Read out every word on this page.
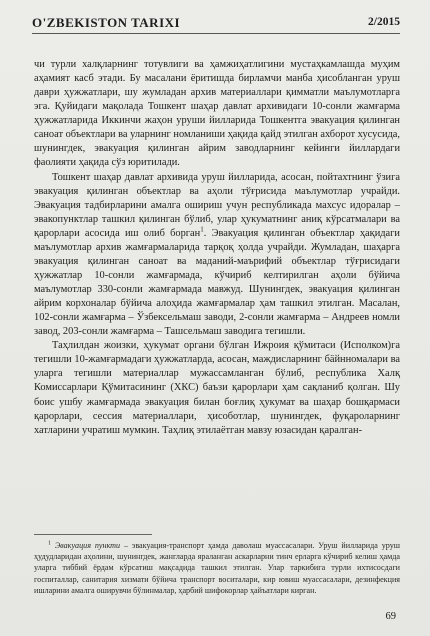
O'ZBEKISTON TARIXI	2/2015

чи турли халқларнинг тотувлиги ва ҳамжиҳатлигини мустаҳкамлашда муҳим аҳамият касб этади. Бу масалани ёритишда бирламчи манба ҳисобланган уруш даври ҳужжатлари, шу жумладан архив материаллари қимматли маълумотларга эга. Қуйидаги мақолада Тошкент шаҳар давлат архивидаги 10-сонли жамғарма ҳужжатларида Иккинчи жаҳон уруши йилларида Тошкентга эвакуация қилинган саноат объектлари ва уларнинг номланиши ҳақида қайд этилган ахборот хусусида, шунингдек, эвакуация қилинган айрим заводларнинг кейинги йиллардаги фаолияти ҳақида сўз юритилади.

Тошкент шаҳар давлат архивида уруш йилларида, асосан, пойтахтнинг ўзига эвакуация қилинган объектлар ва аҳоли тўғрисида маълумотлар учрайди. Эвакуация тадбирларини амалга ошириш учун республикада махсус идоралар – эвакопунктлар ташкил қилинган бўлиб, улар ҳукуматнинг аниқ кўрсатмалари ва қарорлари асосида иш олиб борган$^1$. Эвакуация қилинган объектлар ҳақидаги маълумотлар архив жамғармаларида тарқоқ ҳолда учрайди. Жумладан, шаҳарга эвакуация қилинган саноат ва маданий-маърифий объектлар тўғрисидаги ҳужжатлар 10-сонли жамғармада, кўчириб келтирилган аҳоли бўйича маълумотлар 330-сонли жамғармада мавжуд. Шунингдек, эвакуация қилинган айрим корхоналар бўйича алоҳида жамғармалар ҳам ташкил этилган. Масалан, 102-сонли жамғарма – Ўзбексельмаш заводи, 2-сонли жамғарма – Андреев номли завод, 203-сонли жамғарма – Ташсельмаш заводига тегишли.

Таҳлилдан жоизки, ҳукумат органи бўлган Ижроия қўмитаси (Исполком)га тегишли 10-жамғармадаги ҳужжатларда, асосан, маждисларнинг бäйнномалари ва уларга тегишли материаллар мужассамланган бўлиб, республика Халқ Комиссарлари Қўмитасининг (ХКС) баъзи қарорлари ҳам сақланиб қолган. Шу боис ушбу жамғармада эвакуация билан боғлиқ ҳукумат ва шаҳар бошқармаси қарорлари, сессия материаллари, ҳисоботлар, шунингдек, фуқароларнинг хатларини учратиш мумкин. Таҳлиқ этилаётган мавзу юзасидан қаралган-

$^1$ Эвакуация пункти – эвакуация-транспорт ҳамда даволаш муассасалари. Уруш йилларида уруш ҳудудларидан аҳолини, шунингдек, жангларда яраланган аскарларни тинч ерларга кўчириб келиш ҳамда уларга тиббий ёрдам кўрсатиш мақсадида ташкил этилган. Улар таркибига турли ихтисосдаги госпиталлар, санитария хизмати бўйича транспорт воситалари, кир ювиш муассасалари, дезинфекция ишларини амалга оширувчи бўлинмалар, ҳарбий шифокорлар ҳайъатлари кирган.
69
